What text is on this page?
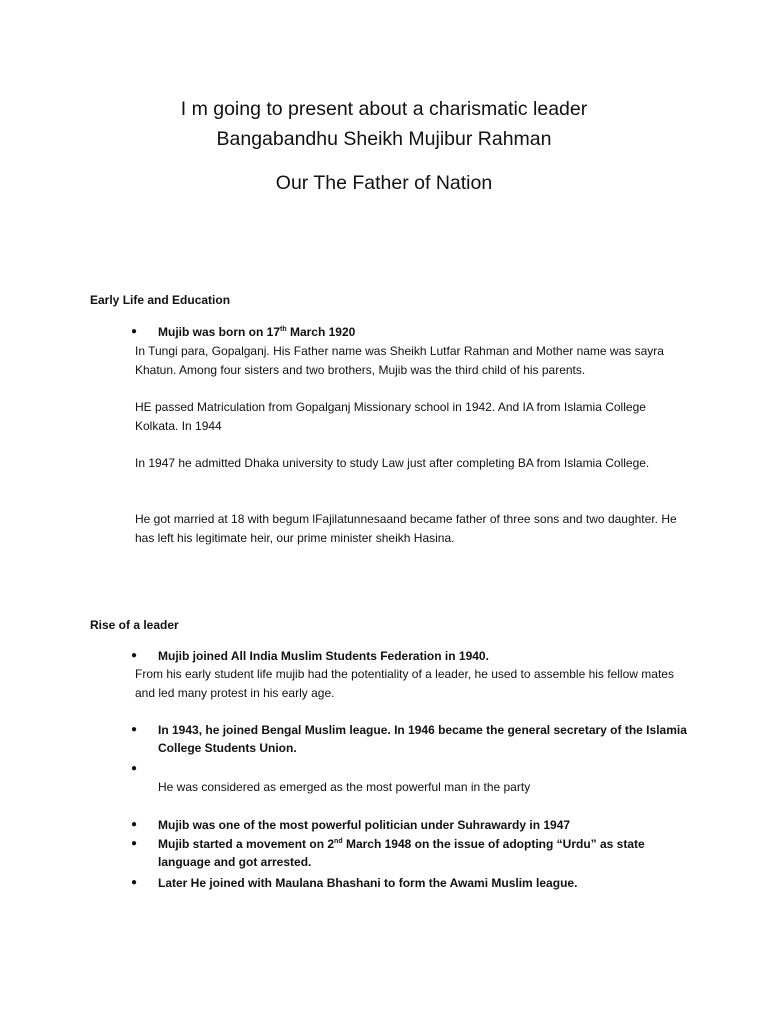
I m going to present about a charismatic leader
Bangabandhu Sheikh Mujibur Rahman
Our The Father of Nation
Early Life and Education
● Mujib was born on 17th March 1920
In Tungi para, Gopalganj. His Father name was Sheikh Lutfar Rahman and Mother name was sayra Khatun. Among four sisters and two brothers, Mujib was the third child of his parents.
HE passed Matriculation from Gopalganj Missionary school in 1942. And IA from Islamia College Kolkata. In 1944
In 1947 he admitted Dhaka university to study Law just after completing BA from Islamia College.
He got married at 18 with begum lFajilatunnesaand became father of three sons and two daughter. He has left his legitimate heir, our prime minister sheikh Hasina.
Rise of a leader
● Mujib joined All India Muslim Students Federation in 1940.
From his early student life mujib had the potentiality of a leader, he used to assemble his fellow mates and led many protest in his early age.
● In 1943, he joined Bengal Muslim league. In 1946 became the general secretary of the Islamia College Students Union.
●
He was considered as emerged as the most powerful man in the party
● Mujib was one of the most powerful politician under Suhrawardy in 1947
● Mujib started a movement on 2nd March 1948 on the issue of adopting “Urdu” as state language and got arrested.
● Later He joined with Maulana Bhashani to form the Awami Muslim league.
